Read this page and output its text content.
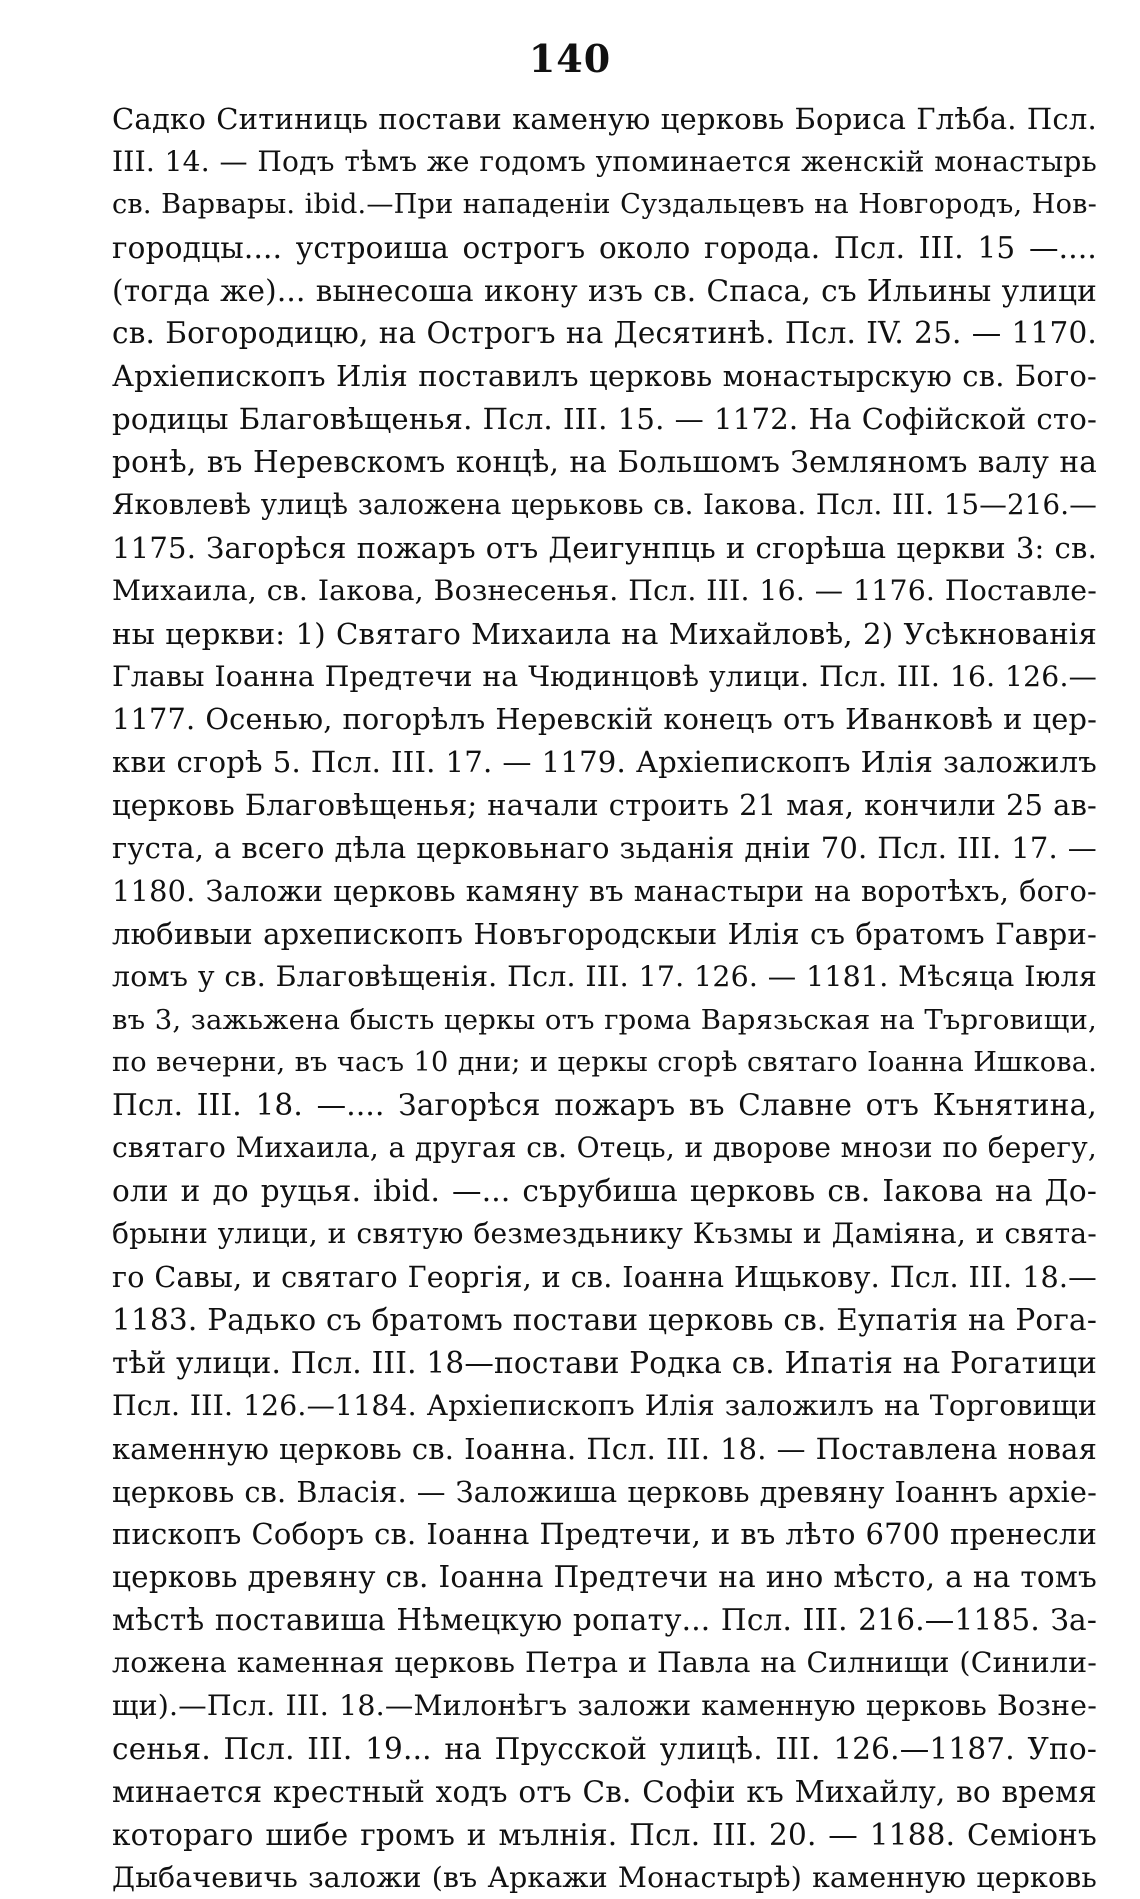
140
Садко Ситиниць постави каменую церковь Бориса Глѣба. Псл.
III. 14. — Подъ тѣмъ же годомъ упоминается женскій монастырь
св. Варвары. ibid.—При нападеніи Суздальцевъ на Новгородъ, Нов-
городцы.... устроиша острогъ около города. Псл. III. 15 —....
(тогда же)... вынесоша икону изъ св. Спаса, съ Ильины улици
св. Богородицю, на Острогъ на Десятинѣ. Псл. IV. 25. — 1170.
Архіепископъ Илія поставилъ церковь монастырскую св. Бого-
родицы Благовѣщенья. Псл. III. 15. — 1172. На Софійской сто-
ронѣ, въ Неревскомъ концѣ, на Большомъ Земляномъ валу на
Яковлевѣ улицѣ заложена церьковь св. Іакова. Псл. III. 15—216.—
1175. Загорѣся пожаръ отъ Деигунпць и сгорѣша церкви 3: св.
Михаила, св. Іакова, Вознесенья. Псл. III. 16. — 1176. Поставле-
ны церкви: 1) Святаго Михаила на Михайловѣ, 2) Усѣкнованія
Главы Іоанна Предтечи на Чюдинцовѣ улици. Псл. III. 16. 126.—
1177. Осенью, погорѣлъ Неревскій конецъ отъ Иванковѣ и цер-
кви сгорѣ 5. Псл. III. 17. — 1179. Архіепископъ Илія заложилъ
церковь Благовѣщенья; начали строить 21 мая, кончили 25 ав-
густа, а всего дѣла церковьнаго зьданія дніи 70. Псл. III. 17. —
1180. Заложи церковь камяну въ манастыри на воротѣхъ, бого-
любивыи архепископъ Новъгородскыи Илія съ братомъ Гаври-
ломъ у св. Благовѣщенія. Псл. III. 17. 126. — 1181. Мѣсяца Іюля
въ 3, зажьжена бысть церкы отъ грома Варязьская на Търгoвищи,
по вечерни, въ часъ 10 дни; и церкы сгорѣ святаго Іоанна Ишкова.
Псл. III. 18. —.... Загорѣся пожаръ въ Славне отъ Кънятина,
святаго Михаила, а другая св. Отець, и дворове мнози по берегу,
оли и до руцья. ibid. —... сърубиша церковь св. Іакова на До-
брыни улици, и святую безмездьнику Къзмы и Даміяна, и свята-
го Савы, и святаго Георгія, и св. Іоанна Ищькову. Псл. III. 18.—
1183. Радько съ братомъ постави церковь св. Еупатія на Рога-
тѣй улици. Псл. III. 18—постави Родка св. Ипатія на Рогатици
Псл. III. 126.—1184. Архіепископъ Илія заложилъ на Торговищи
каменную церковь св. Іоанна. Псл. III. 18. — Поставлена новая
церковь св. Власія. — Заложиша церковь древяну Іоаннъ архіе-
пископъ Соборъ св. Іоанна Предтечи, и въ лѣто 6700 пренесли
церковь древяну св. Іоанна Предтечи на ино мѣсто, а на томъ
мѣстѣ поставиша Нѣмецкую ропату... Псл. III. 216.—1185. За-
ложена каменная церковь Петра и Павла на Силнищи (Синили-
щи).—Псл. III. 18.—Милонѣгъ заложи каменную церковь Возне-
сенья. Псл. III. 19... на Прусской улицѣ. III. 126.—1187. Упо-
минается крестный ходъ отъ Св. Софіи къ Михайлу, во время
котораго шибе громъ и мълнія. Псл. III. 20. — 1188. Семіонъ
Дыбачевичь заложи (въ Аркажи Монастырѣ) каменную церковь
